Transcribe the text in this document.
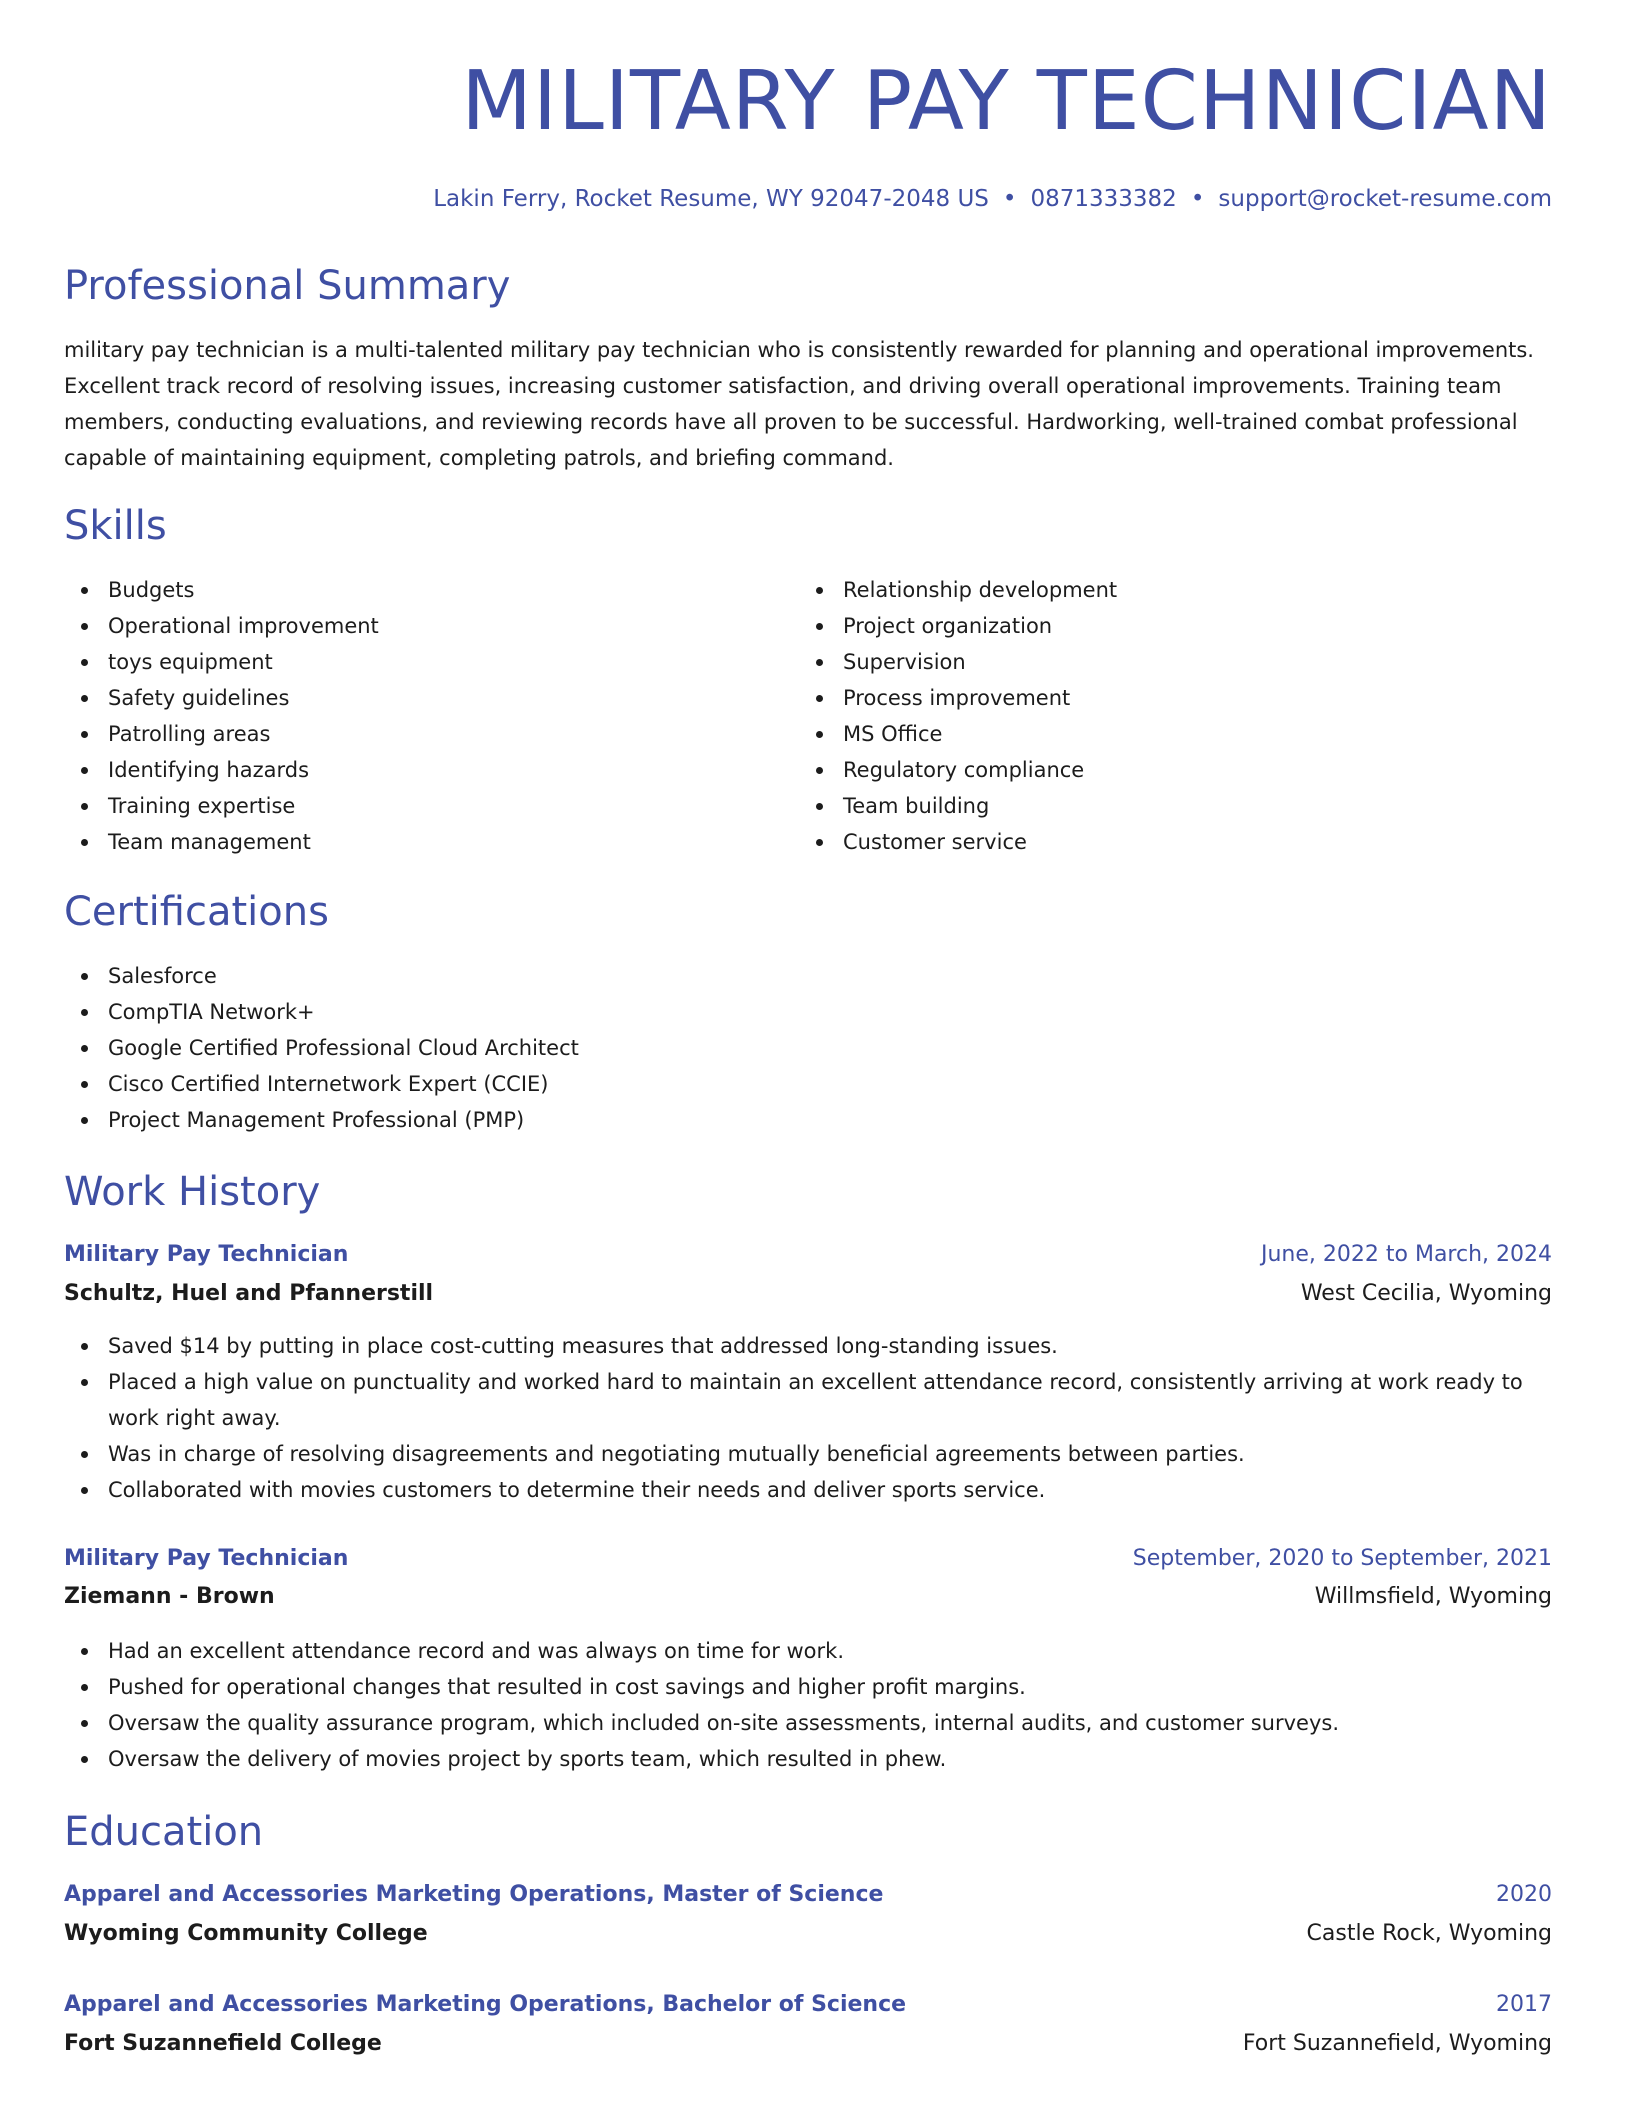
MILITARY PAY TECHNICIAN
Lakin Ferry, Rocket Resume, WY 92047-2048 US • 0871333382 • support@rocket-resume.com
Professional Summary

military pay technician is a multi-talented military pay technician who is consistently rewarded for planning and operational improvements. Excellent track record of resolving issues, increasing customer satisfaction, and driving overall operational improvements. Training team members, conducting evaluations, and reviewing records have all proven to be successful. Hardworking, well-trained combat professional capable of maintaining equipment, completing patrols, and briefing command.

Skills
Budgets
Operational improvement
toys equipment
Safety guidelines
Patrolling areas
Identifying hazards
Training expertise
Team management
Relationship development
Project organization
Supervision
Process improvement
MS Office
Regulatory compliance
Team building
Customer service
Certifications
Salesforce
CompTIA Network+
Google Certified Professional Cloud Architect
Cisco Certified Internetwork Expert (CCIE)
Project Management Professional (PMP)
Work History
Military Pay Technician	June, 2022 to March, 2024
Schultz, Huel and Pfannerstill	West Cecilia, Wyoming
Saved $14 by putting in place cost-cutting measures that addressed long-standing issues.
Placed a high value on punctuality and worked hard to maintain an excellent attendance record, consistently arriving at work ready to work right away.
Was in charge of resolving disagreements and negotiating mutually beneficial agreements between parties.
Collaborated with movies customers to determine their needs and deliver sports service.
Military Pay Technician	September, 2020 to September, 2021
Ziemann - Brown	Willmsfield, Wyoming
Had an excellent attendance record and was always on time for work.
Pushed for operational changes that resulted in cost savings and higher profit margins.
Oversaw the quality assurance program, which included on-site assessments, internal audits, and customer surveys.
Oversaw the delivery of movies project by sports team, which resulted in phew.
Education
Apparel and Accessories Marketing Operations, Master of Science	2020
Wyoming Community College	Castle Rock, Wyoming
Apparel and Accessories Marketing Operations, Bachelor of Science	2017
Fort Suzannefield College	Fort Suzannefield, Wyoming
